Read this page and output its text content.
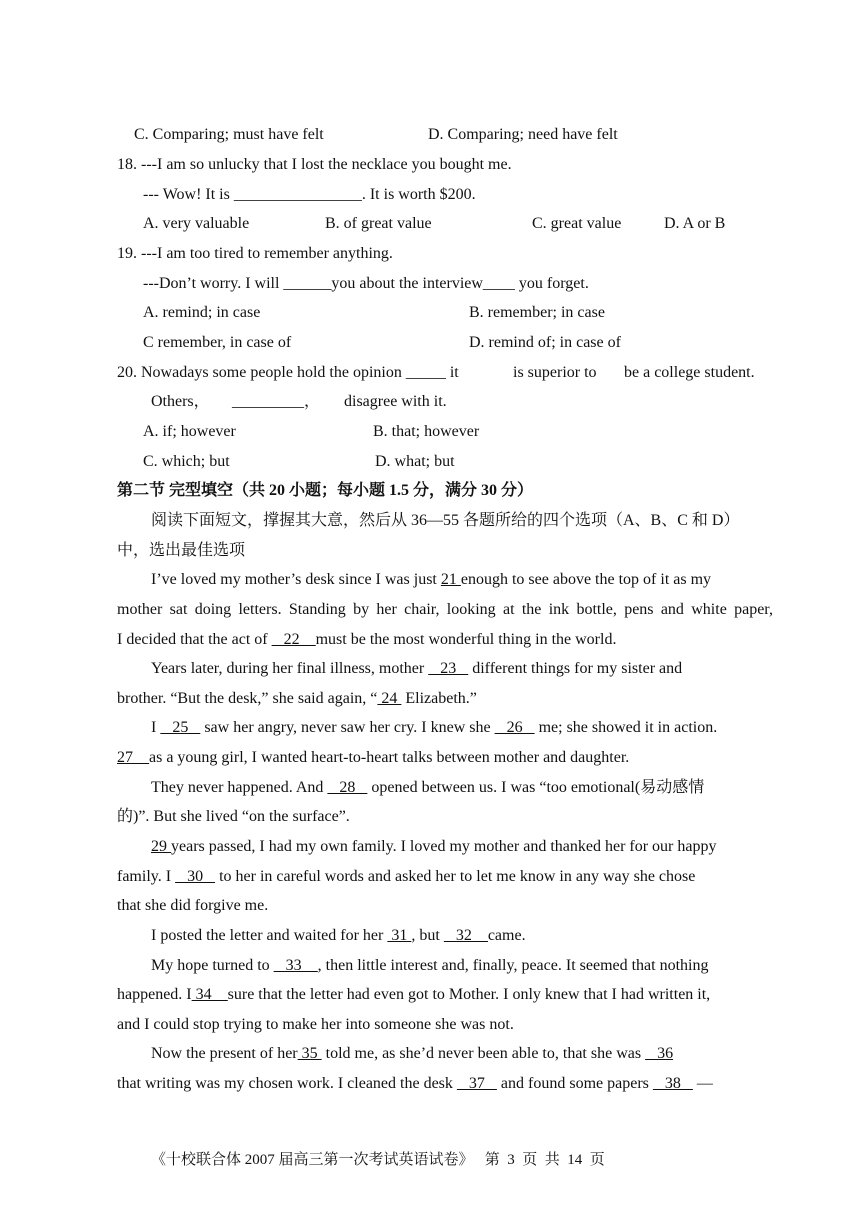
C. Comparing; must have felt	D. Comparing; need have felt
18. ---I am so unlucky that I lost the necklace you bought me.
--- Wow! It is ________________. It is worth $200.
A. very valuable	B. of great value	C. great value	D. A or B
19. ---I am too tired to remember anything.
---Don’t worry. I will ______you about the interview____ you forget.
A. remind; in case	B. remember; in case
C remember, in case of	D. remind of; in case of
20. Nowadays some people hold the opinion _____ it	is superior to be a college student.
Others， _________， disagree with it.
A. if; however	B. that; however
C. which; but	D. what; but
第二节 完型填空（共 20 小题；每小题 1.5 分，满分 30 分）
阅读下面短文，撑握其大意，然后从 36—55 各题所给的四个选项（A、B、C 和 D）
中，选出最佳选项
I’ve loved my mother’s desk since I was just 21 enough to see above the top of it as my
mother sat doing letters. Standing by her chair, looking at the ink bottle, pens and white paper,
I decided that the act of  _22__must be the most wonderful thing in the world.
Years later, during her final illness, mother  _23_  different things for my sister and
brother. “But the desk,” she said again, “ 24  Elizabeth.”
I  _25_  saw her angry, never saw her cry. I knew she  _26_  me; she showed it in action.
27__as a young girl, I wanted heart-to-heart talks between mother and daughter.
They never happened. And  _28_  opened between us. I was “too emotional(易动感情
的)”. But she lived “on the surface”.
29 years passed, I had my own family. I loved my mother and thanked her for our happy
family. I  _30_  to her in careful words and asked her to let me know in any way she chose
that she did forgive me.
I posted the letter and waited for her  31 , but  _32__came.
My hope turned to  _33__, then little interest and, finally, peace. It seemed that nothing
happened. I 34__sure that the letter had even got to Mother. I only knew that I had written it,
and I could stop trying to make her into someone she was not.
Now the present of her 35  told me, as she’d never been able to, that she was  _36
that writing was my chosen work. I cleaned the desk  _37_  and found some papers  _38_  —
《十校联合体 2007 届高三第一次考试英语试卷》   第  3  页  共  14  页
